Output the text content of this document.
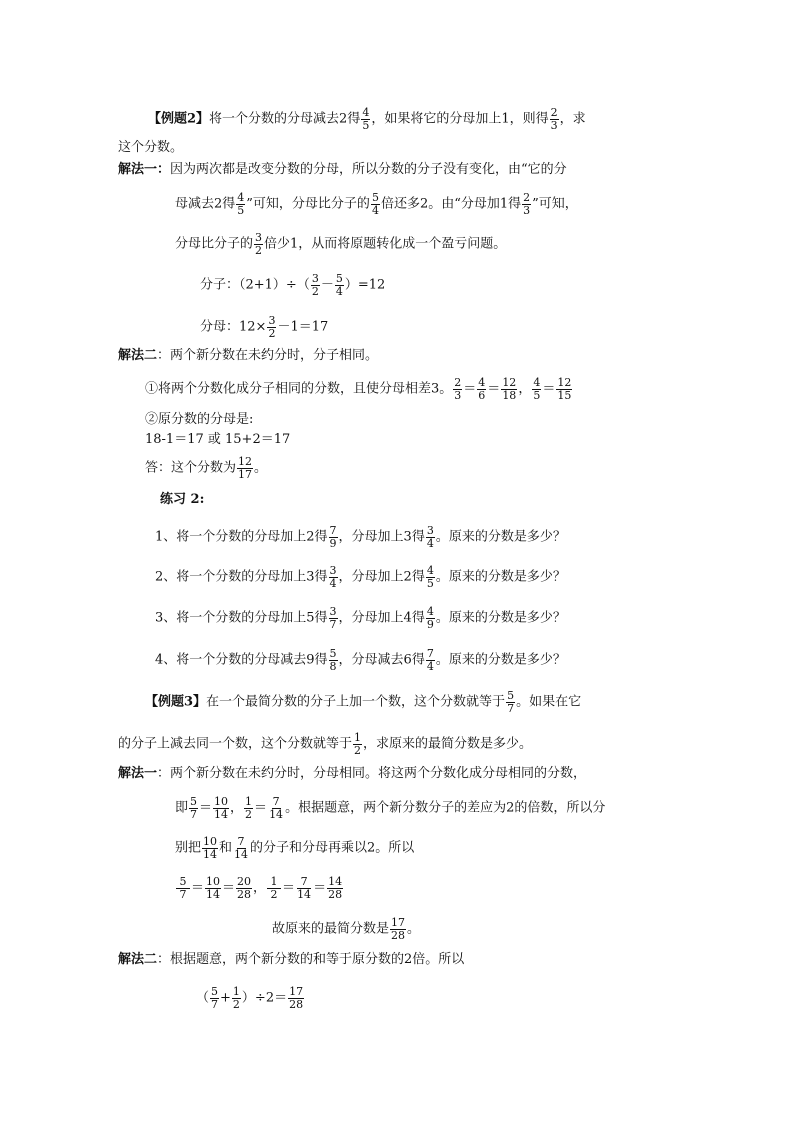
【例题2】将一个分数的分母减去2得 $\frac{4}{5}$ ，如果将它的分母加上1，则得 $\frac{2}{3}$ ，求
这个分数。
解法一：因为两次都是改变分数的分母，所以分数的分子没有变化，由“它的分
母减去2得 $\frac{4}{5}$ ”可知，分母比分子的 $\frac{5}{4}$ 倍还多2。由“分母加1得 $\frac{2}{3}$ ”可知，
分母比分子的 $\frac{3}{2}$ 倍少1，从而将原题转化成一个盈亏问题。
分子：$(2+1)\div( \frac{3}{2} - \frac{5}{4} )=12$
分母：$12\times \frac{3}{2} -1=17$
解法二：两个新分数在未约分时，分子相同。
①将两个分数化成分子相同的分数，且使分母相差3。 $\frac{2}{3} = \frac{4}{6} = \frac{12}{18}$ ， $\frac{4}{5} = \frac{12}{15}$
②原分数的分母是:
18-1＝17 或 15+2＝17
答：这个分数为 $\frac{12}{17}$ 。
练习 2:
1、将一个分数的分母加上2得 $\frac{7}{9}$ ，分母加上3得 $\frac{3}{4}$ 。原来的分数是多少？
2、将一个分数的分母加上3得 $\frac{3}{4}$ ，分母加上2得 $\frac{4}{5}$ 。原来的分数是多少？
3、将一个分数的分母加上5得 $\frac{3}{7}$ ，分母加上4得 $\frac{4}{9}$ 。原来的分数是多少？
4、将一个分数的分母减去9得 $\frac{5}{8}$ ，分母减去6得 $\frac{7}{4}$ 。原来的分数是多少？
【例题3】在一个最简分数的分子上加一个数，这个分数就等于 $\frac{5}{7}$ 。如果在它
的分子上减去同一个数，这个分数就等于 $\frac{1}{2}$ ，求原来的最简分数是多少。
解法一：两个新分数在未约分时，分母相同。将这两个分数化成分母相同的分数，
即 $\frac{5}{7} = \frac{10}{14}$ ， $\frac{1}{2} = \frac{7}{14}$ 。根据题意，两个新分数分子的差应为2的倍数，所以分
别把 $\frac{10}{14}$ 和 $\frac{7}{14}$ 的分子和分母再乘以2。所以
$\frac{5}{7} = \frac{10}{14} = \frac{20}{28}$ ， $\frac{1}{2} = \frac{7}{14} = \frac{14}{28}$
故原来的最简分数是 $\frac{17}{28}$ 。
解法二：根据题意，两个新分数的和等于原分数的2倍。所以
（ $\frac{5}{7} + \frac{1}{2} )\div 2= \frac{17}{28}$
